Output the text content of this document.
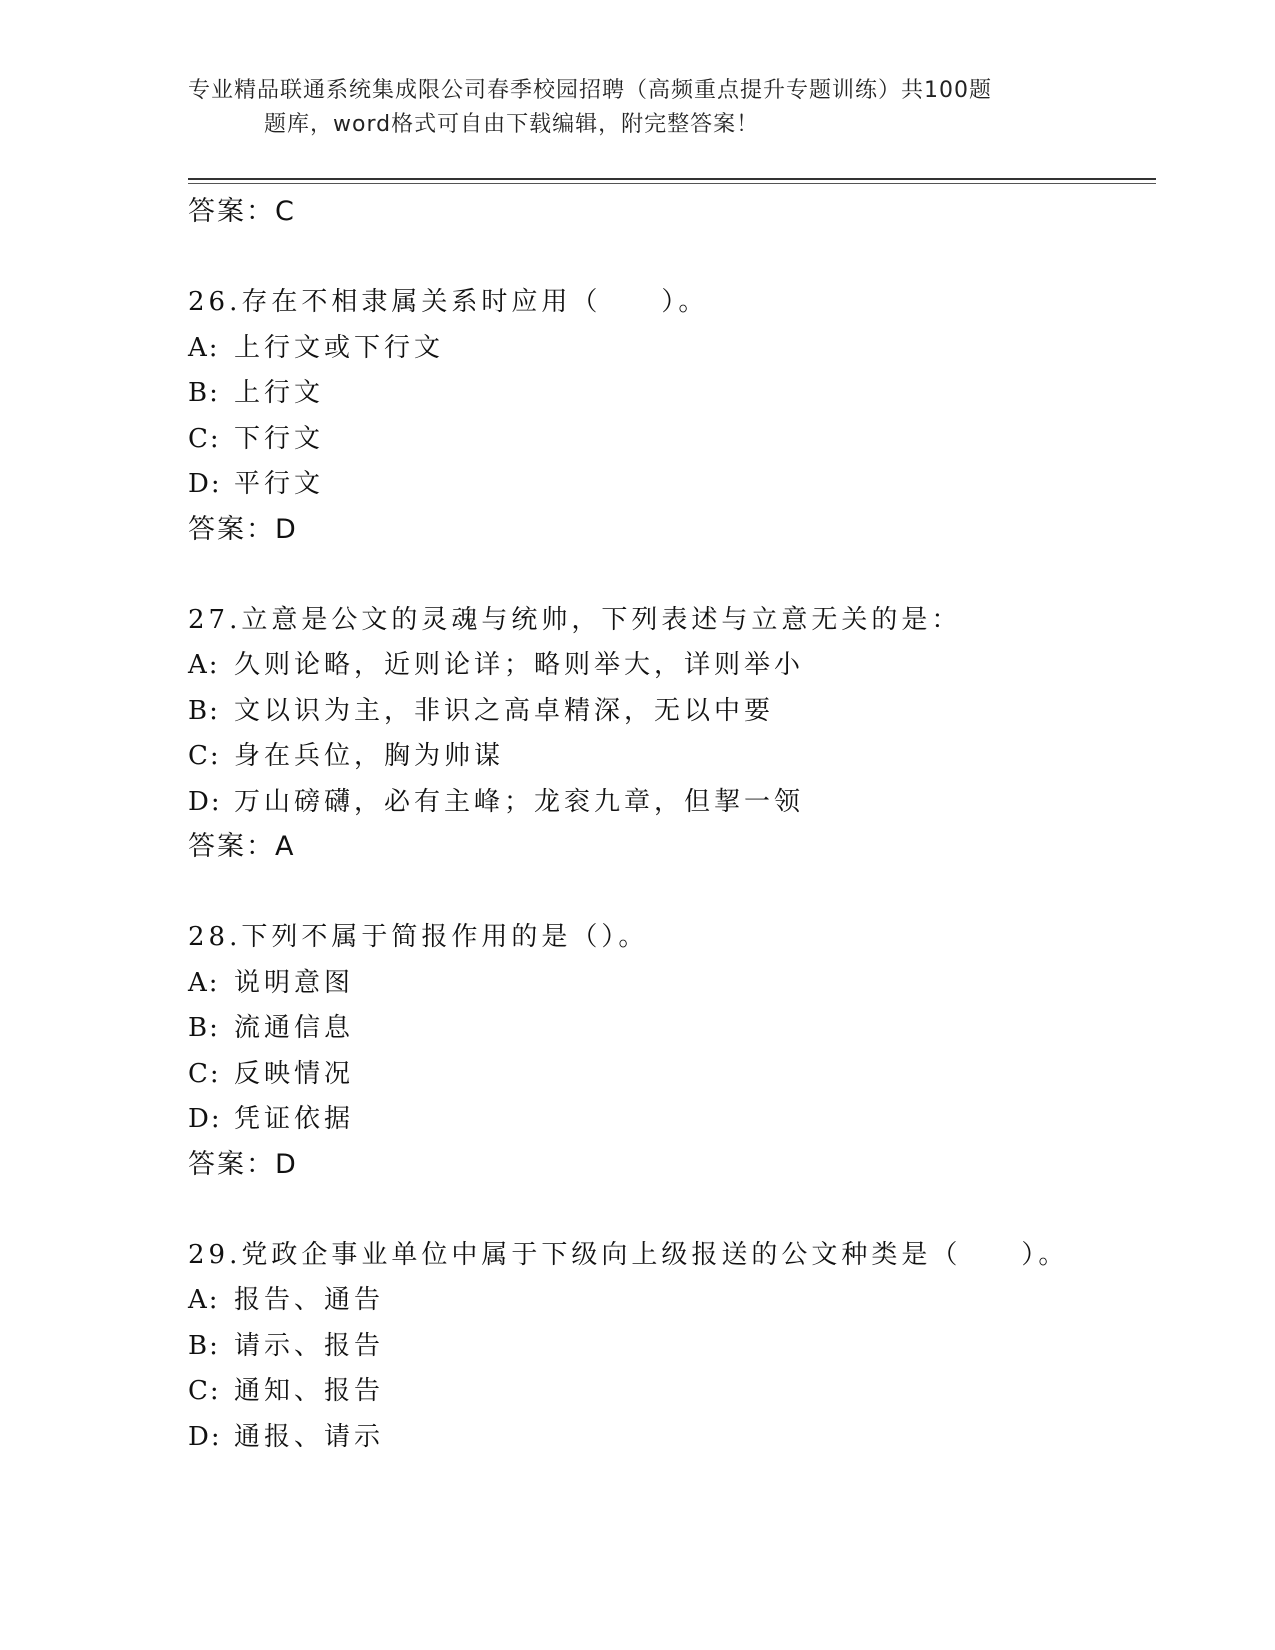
专业精品联通系统集成限公司春季校园招聘（高频重点提升专题训练）共100题
题库，word格式可自由下载编辑，附完整答案！
答案：C
26.存在不相隶属关系时应用（　　）。
A: 上行文或下行文
B: 上行文
C: 下行文
D: 平行文
答案：D
27.立意是公文的灵魂与统帅，下列表述与立意无关的是：
A: 久则论略，近则论详；略则举大，详则举小
B: 文以识为主，非识之高卓精深，无以中要
C: 身在兵位，胸为帅谋
D: 万山磅礴，必有主峰；龙衮九章，但挈一领
答案：A
28.下列不属于简报作用的是（）。
A: 说明意图
B: 流通信息
C: 反映情况
D: 凭证依据
答案：D
29.党政企事业单位中属于下级向上级报送的公文种类是（　　）。
A: 报告、通告
B: 请示、报告
C: 通知、报告
D: 通报、请示
